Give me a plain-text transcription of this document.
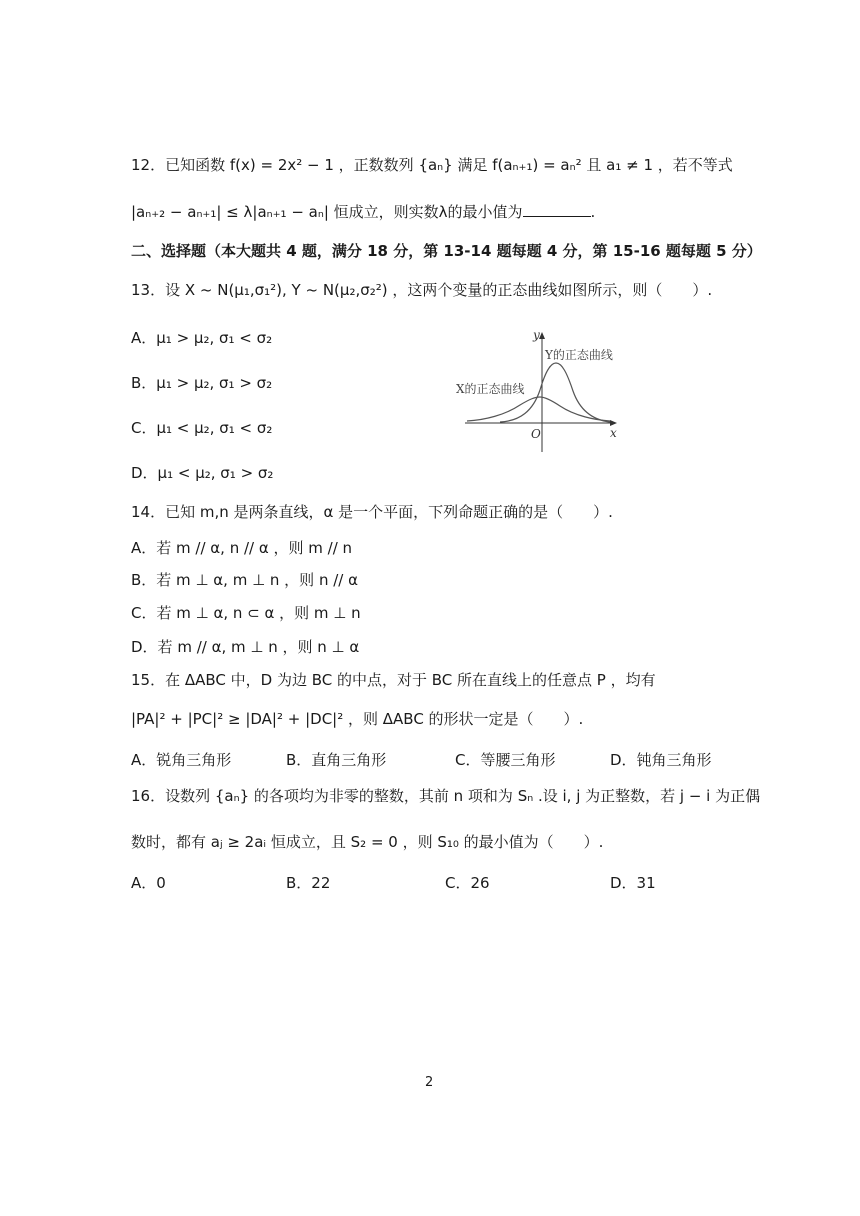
12．已知函数 f(x) = 2x² − 1 ，正数数列 {aₙ} 满足 f(aₙ₊₁) = aₙ² 且 a₁ ≠ 1 ，若不等式
|aₙ₊₂ − aₙ₊₁| ≤ λ|aₙ₊₁ − aₙ| 恒成立，则实数λ的最小值为	.
二、选择题（本大题共 4 题，满分 18 分，第 13-14 题每题 4 分，第 15-16 题每题 5 分）
13．设 X ~ N(μ₁,σ₁²), Y ~ N(μ₂,σ₂²) ，这两个变量的正态曲线如图所示，则（　　）.
A．μ₁ > μ₂, σ₁ < σ₂
B．μ₁ > μ₂, σ₁ > σ₂
C．μ₁ < μ₂, σ₁ < σ₂
D．μ₁ < μ₂, σ₁ > σ₂
y
x
O
Y的正态曲线
X的正态曲线
14．已知 m,n 是两条直线，α 是一个平面，下列命题正确的是（　　）.
A．若 m // α, n // α ，则 m // n
B．若 m ⊥ α, m ⊥ n ，则 n // α
C．若 m ⊥ α, n ⊂ α ，则 m ⊥ n
D．若 m // α, m ⊥ n ，则 n ⊥ α
15．在 ΔABC 中，D 为边 BC 的中点，对于 BC 所在直线上的任意点 P ，均有
|PA|² + |PC|² ≥ |DA|² + |DC|² ，则 ΔABC 的形状一定是（　　）.
A．锐角三角形	B．直角三角形	C．等腰三角形	D．钝角三角形
16．设数列 {aₙ} 的各项均为非零的整数，其前 n 项和为 Sₙ .设 i, j 为正整数，若 j − i 为正偶
数时，都有 aⱼ ≥ 2aᵢ 恒成立，且 S₂ = 0 ，则 S₁₀ 的最小值为（　　）.
A．0	B．22	C．26	D．31
2
